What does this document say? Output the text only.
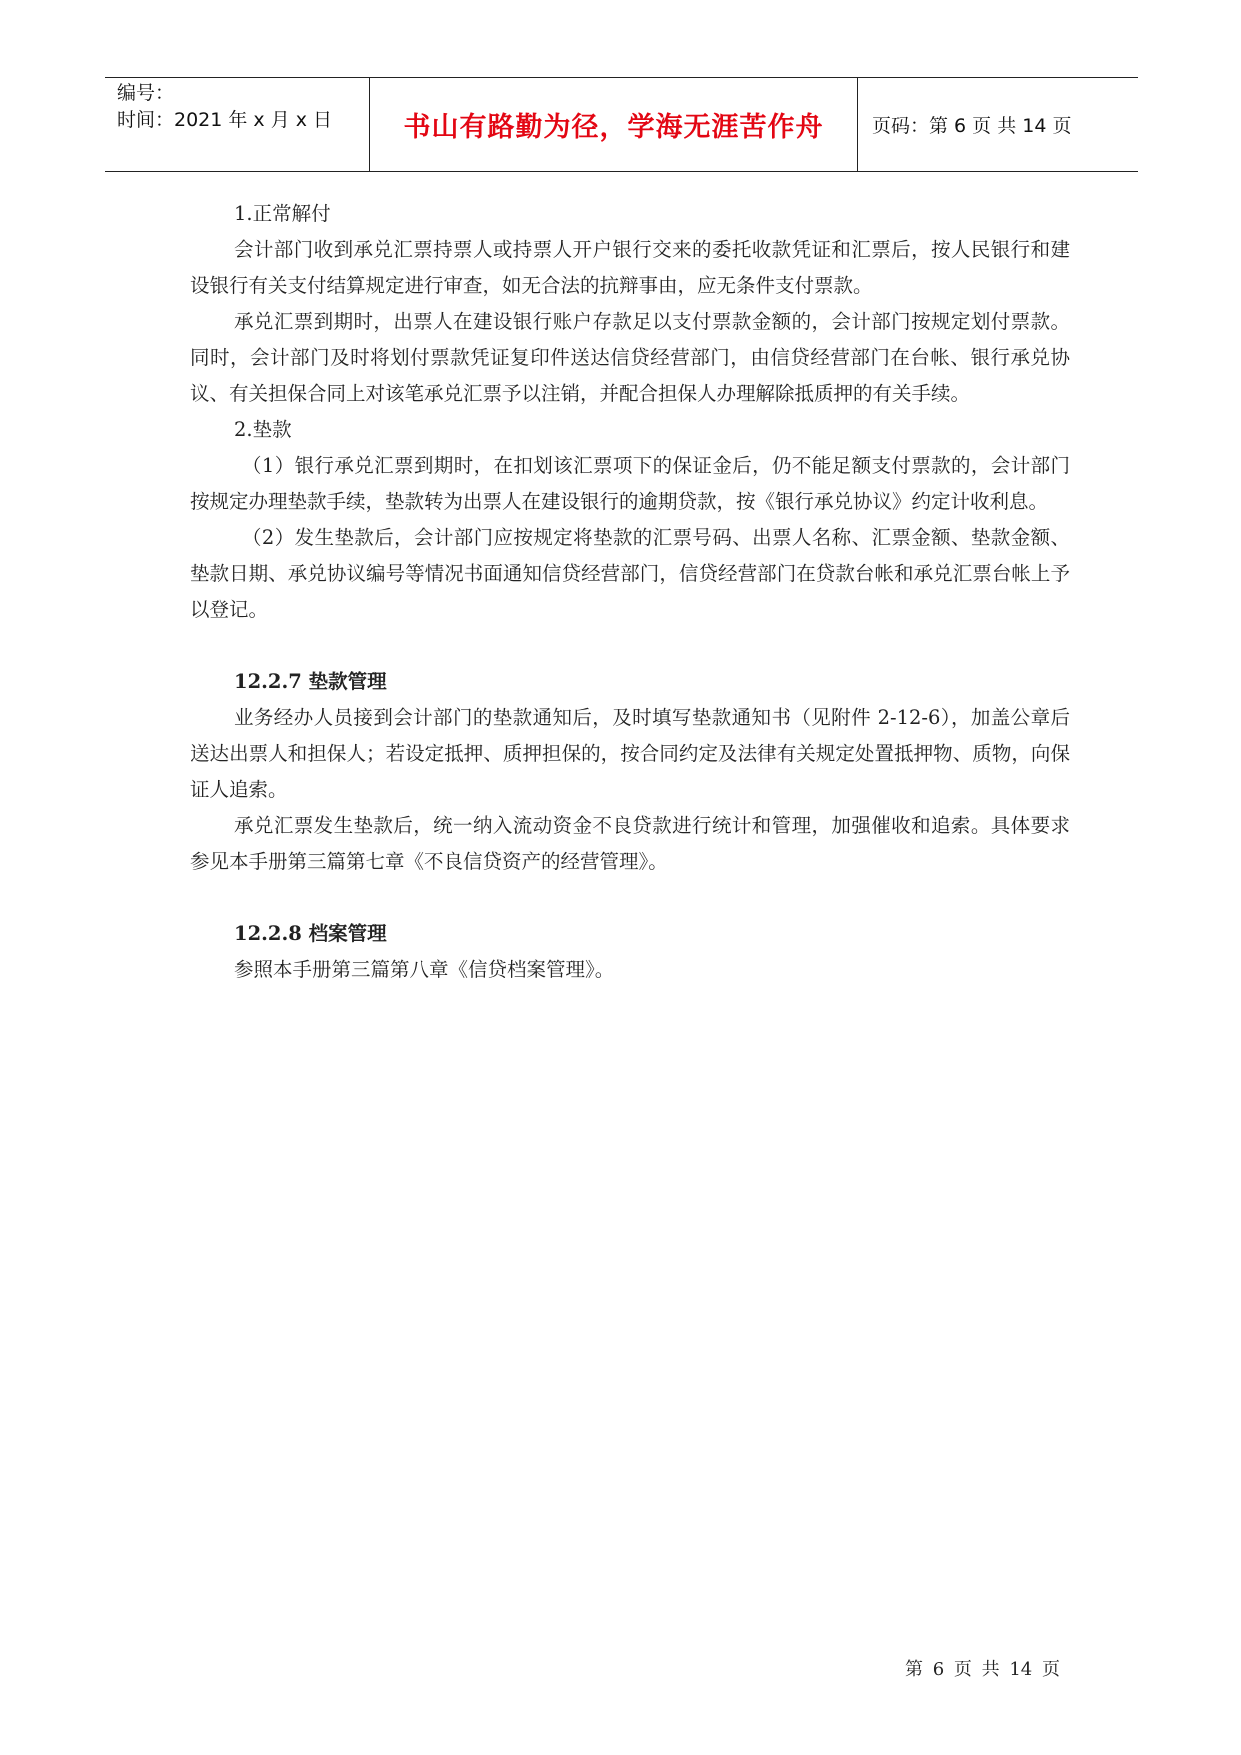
编号：
时间：2021 年 x 月 x 日	书山有路勤为径，学海无涯苦作舟	页码：第 6 页 共 14 页

1.正常解付

会计部门收到承兑汇票持票人或持票人开户银行交来的委托收款凭证和汇票后，按人民银行和建设银行有关支付结算规定进行审查，如无合法的抗辩事由，应无条件支付票款。

承兑汇票到期时，出票人在建设银行账户存款足以支付票款金额的，会计部门按规定划付票款。同时，会计部门及时将划付票款凭证复印件送达信贷经营部门，由信贷经营部门在台帐、银行承兑协议、有关担保合同上对该笔承兑汇票予以注销，并配合担保人办理解除抵质押的有关手续。

2.垫款

（1）银行承兑汇票到期时，在扣划该汇票项下的保证金后，仍不能足额支付票款的，会计部门按规定办理垫款手续，垫款转为出票人在建设银行的逾期贷款，按《银行承兑协议》约定计收利息。

（2）发生垫款后，会计部门应按规定将垫款的汇票号码、出票人名称、汇票金额、垫款金额、垫款日期、承兑协议编号等情况书面通知信贷经营部门，信贷经营部门在贷款台帐和承兑汇票台帐上予以登记。

12.2.7 垫款管理

业务经办人员接到会计部门的垫款通知后，及时填写垫款通知书（见附件 2-12-6），加盖公章后送达出票人和担保人；若设定抵押、质押担保的，按合同约定及法律有关规定处置抵押物、质物，向保证人追索。

承兑汇票发生垫款后，统一纳入流动资金不良贷款进行统计和管理，加强催收和追索。具体要求参见本手册第三篇第七章《不良信贷资产的经营管理》。

12.2.8 档案管理

参照本手册第三篇第八章《信贷档案管理》。

第 6 页 共 14 页
